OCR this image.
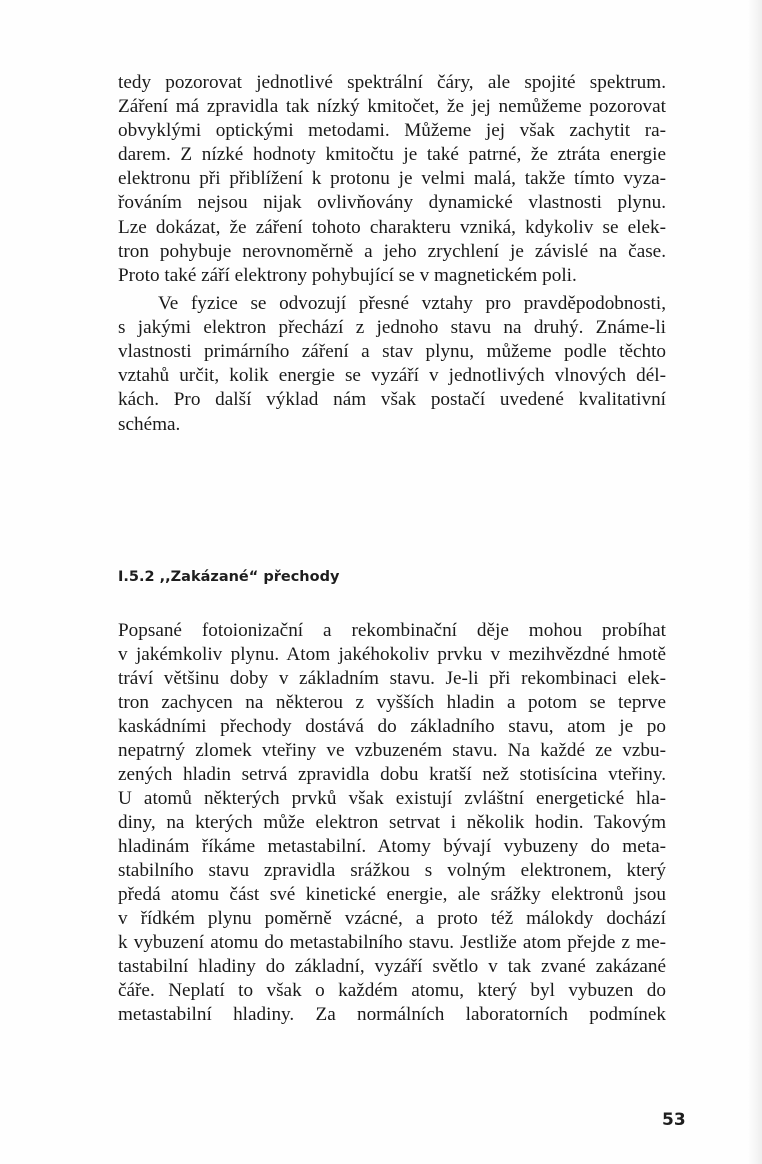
tedy pozorovat jednotlivé spektrální čáry, ale spojité spektrum.
Záření má zpravidla tak nízký kmitočet, že jej nemůžeme pozorovat
obvyklými optickými metodami. Můžeme jej však zachytit ra-
darem. Z nízké hodnoty kmitočtu je také patrné, že ztráta energie
elektronu při přiblížení k protonu je velmi malá, takže tímto vyza-
řováním nejsou nijak ovlivňovány dynamické vlastnosti plynu.
Lze dokázat, že záření tohoto charakteru vzniká, kdykoliv se elek-
tron pohybuje nerovnoměrně a jeho zrychlení je závislé na čase.
Proto také září elektrony pohybující se v magnetickém poli.
Ve fyzice se odvozují přesné vztahy pro pravděpodobnosti,
s jakými elektron přechází z jednoho stavu na druhý. Známe-li
vlastnosti primárního záření a stav plynu, můžeme podle těchto
vztahů určit, kolik energie se vyzáří v jednotlivých vlnových dél-
kách. Pro další výklad nám však postačí uvedené kvalitativní
schéma.
I.5.2 ,,Zakázané“ přechody
Popsané fotoionizační a rekombinační děje mohou probíhat
v jakémkoliv plynu. Atom jakéhokoliv prvku v mezihvězdné hmotě
tráví většinu doby v základním stavu. Je-li při rekombinaci elek-
tron zachycen na některou z vyšších hladin a potom se teprve
kaskádními přechody dostává do základního stavu, atom je po
nepatrný zlomek vteřiny ve vzbuzeném stavu. Na každé ze vzbu-
zených hladin setrvá zpravidla dobu kratší než stotisícina vteřiny.
U atomů některých prvků však existují zvláštní energetické hla-
diny, na kterých může elektron setrvat i několik hodin. Takovým
hladinám říkáme metastabilní. Atomy bývají vybuzeny do meta-
stabilního stavu zpravidla srážkou s volným elektronem, který
předá atomu část své kinetické energie, ale srážky elektronů jsou
v řídkém plynu poměrně vzácné, a proto též málokdy dochází
k vybuzení atomu do metastabilního stavu. Jestliže atom přejde z me-
tastabilní hladiny do základní, vyzáří světlo v tak zvané zakázané
čáře. Neplatí to však o každém atomu, který byl vybuzen do
metastabilní hladiny. Za normálních laboratorních podmínek
53
